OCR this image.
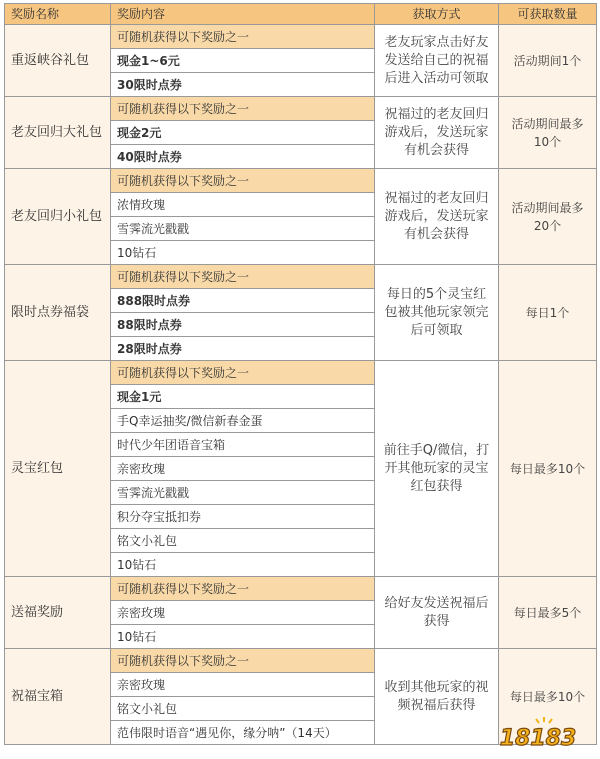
奖励名称	奖励内容	获取方式	可获取数量
重返峡谷礼包	可随机获得以下奖励之一	老友玩家点击好友发送给自己的祝福后进入活动可领取	活动期间1个
	现金1~6元		
	30限时点券		
老友回归大礼包	可随机获得以下奖励之一	祝福过的老友回归游戏后，发送玩家有机会获得	活动期间最多10个
	现金2元		
	40限时点券		
老友回归小礼包	可随机获得以下奖励之一	祝福过的老友回归游戏后，发送玩家有机会获得	活动期间最多20个
	浓情玫瑰		
	雪霁流光戳戳		
	10钻石		
限时点券福袋	可随机获得以下奖励之一	每日的5个灵宝红包被其他玩家领完后可领取	每日1个
	888限时点券		
	88限时点券		
	28限时点券		
灵宝红包	可随机获得以下奖励之一	前往手Q/微信，打开其他玩家的灵宝红包获得	每日最多10个
	现金1元		
	手Q幸运抽奖/微信新春金蛋		
	时代少年团语音宝箱		
	亲密玫瑰		
	雪霁流光戳戳		
	积分夺宝抵扣券		
	铭文小礼包		
	10钻石		
送福奖励	可随机获得以下奖励之一	给好友发送祝福后获得	每日最多5个
	亲密玫瑰		
	10钻石		
祝福宝箱	可随机获得以下奖励之一	收到其他玩家的视频祝福后获得	每日最多10个
	亲密玫瑰		
	铭文小礼包		
	范伟限时语音“遇见你，缘分呐”（14天）			18183
